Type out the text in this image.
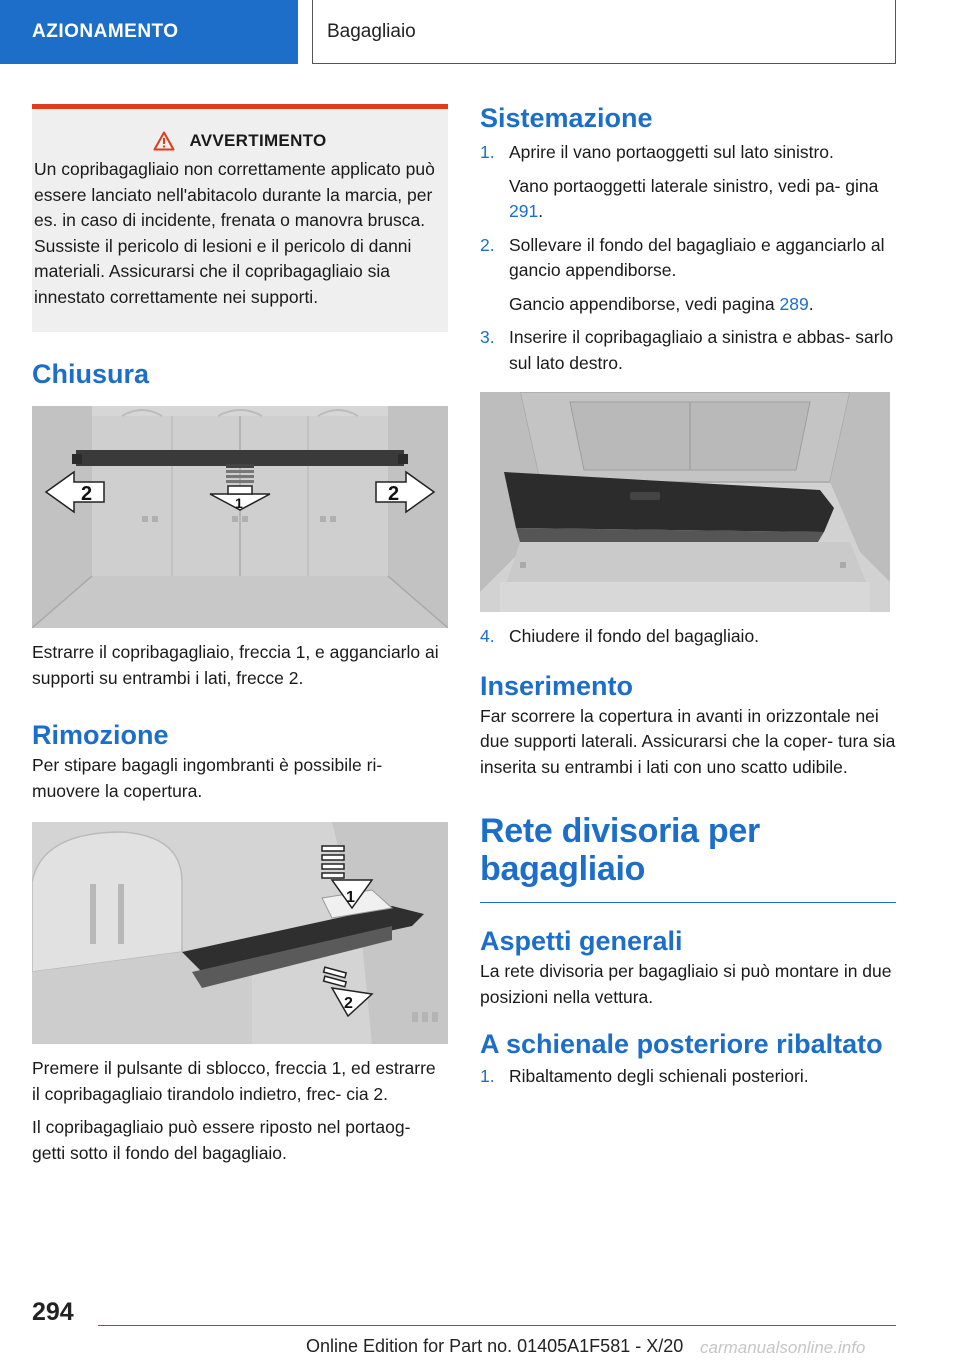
AZIONAMENTO	Bagagliaio
AVVERTIMENTO

Un copribagagliaio non correttamente applicato può essere lanciato nell'abitacolo durante la marcia, per es. in caso di incidente, frenata o manovra brusca. Sussiste il pericolo di lesioni e il pericolo di danni materiali. Assicurarsi che il copribagagliaio sia innestato correttamente nei supporti.

Chiusura
2	1	2

Estrarre il copribagagliaio, freccia 1, e agganciarlo ai supporti su entrambi i lati, frecce 2.

Rimozione

Per stipare bagagli ingombranti è possibile ri- muovere la copertura.

1
2

Premere il pulsante di sblocco, freccia 1, ed estrarre il copribagagliaio tirandolo indietro, frec- cia 2.

Il copribagagliaio può essere riposto nel portaog- getti sotto il fondo del bagagliaio.

Sistemazione
1. Aprire il vano portaoggetti sul lato sinistro.
Vano portaoggetti laterale sinistro, vedi pa- gina 291.
2. Sollevare il fondo del bagagliaio e agganciarlo al gancio appendiborse.
Gancio appendiborse, vedi pagina 289.
3. Inserire il copribagagliaio a sinistra e abbas- sarlo sul lato destro.
4. Chiudere il fondo del bagagliaio.
Inserimento

Far scorrere la copertura in avanti in orizzontale nei due supporti laterali. Assicurarsi che la coper- tura sia inserita su entrambi i lati con uno scatto udibile.

Rete divisoria per
bagagliaio
Aspetti generali

La rete divisoria per bagagliaio si può montare in due posizioni nella vettura.

A schienale posteriore ribaltato
1. Ribaltamento degli schienali posteriori.
294
Online Edition for Part no. 01405A1F581 - X/20 carmanualsonline.info
